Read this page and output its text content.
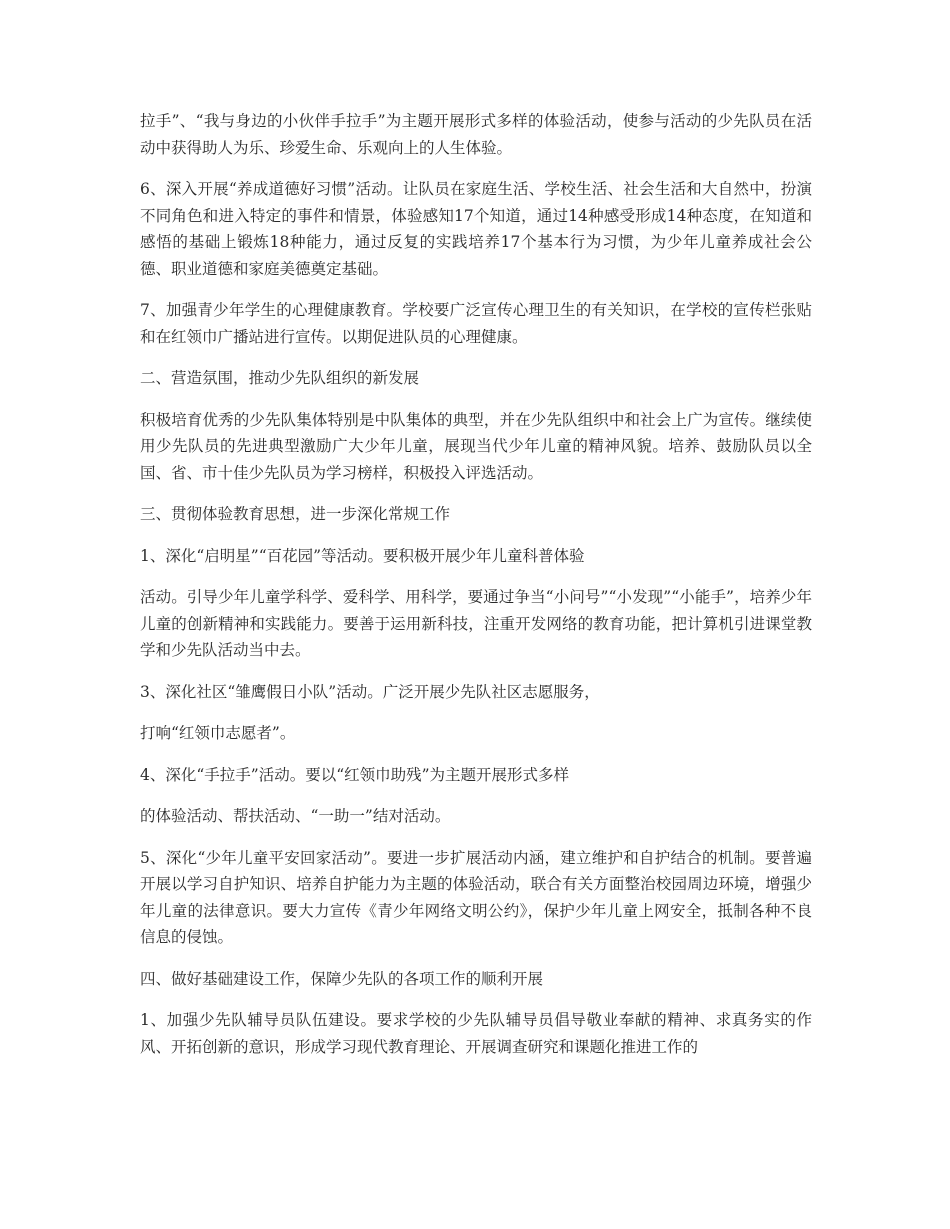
拉手”、“我与身边的小伙伴手拉手”为主题开展形式多样的体验活动，使参与活动的少先队员在活动中获得助人为乐、珍爱生命、乐观向上的人生体验。

6、深入开展“养成道德好习惯”活动。让队员在家庭生活、学校生活、社会生活和大自然中，扮演不同角色和进入特定的事件和情景，体验感知17个知道，通过14种感受形成14种态度，在知道和感悟的基础上锻炼18种能力，通过反复的实践培养17个基本行为习惯，为少年儿童养成社会公德、职业道德和家庭美德奠定基础。

7、加强青少年学生的心理健康教育。学校要广泛宣传心理卫生的有关知识，在学校的宣传栏张贴和在红领巾广播站进行宣传。以期促进队员的心理健康。

二、营造氛围，推动少先队组织的新发展

积极培育优秀的少先队集体特别是中队集体的典型，并在少先队组织中和社会上广为宣传。继续使用少先队员的先进典型激励广大少年儿童，展现当代少年儿童的精神风貌。培养、鼓励队员以全国、省、市十佳少先队员为学习榜样，积极投入评选活动。

三、贯彻体验教育思想，进一步深化常规工作

1、深化“启明星”“百花园”等活动。要积极开展少年儿童科普体验

活动。引导少年儿童学科学、爱科学、用科学，要通过争当“小问号”“小发现”“小能手”，培养少年儿童的创新精神和实践能力。要善于运用新科技，注重开发网络的教育功能，把计算机引进课堂教学和少先队活动当中去。

3、深化社区“雏鹰假日小队”活动。广泛开展少先队社区志愿服务，

打响“红领巾志愿者”。

4、深化“手拉手”活动。要以“红领巾助残”为主题开展形式多样

的体验活动、帮扶活动、“一助一”结对活动。

5、深化“少年儿童平安回家活动”。要进一步扩展活动内涵，建立维护和自护结合的机制。要普遍开展以学习自护知识、培养自护能力为主题的体验活动，联合有关方面整治校园周边环境，增强少年儿童的法律意识。要大力宣传《青少年网络文明公约》，保护少年儿童上网安全，抵制各种不良信息的侵蚀。

四、做好基础建设工作，保障少先队的各项工作的顺利开展

1、加强少先队辅导员队伍建设。要求学校的少先队辅导员倡导敬业奉献的精神、求真务实的作风、开拓创新的意识，形成学习现代教育理论、开展调查研究和课题化推进工作的
